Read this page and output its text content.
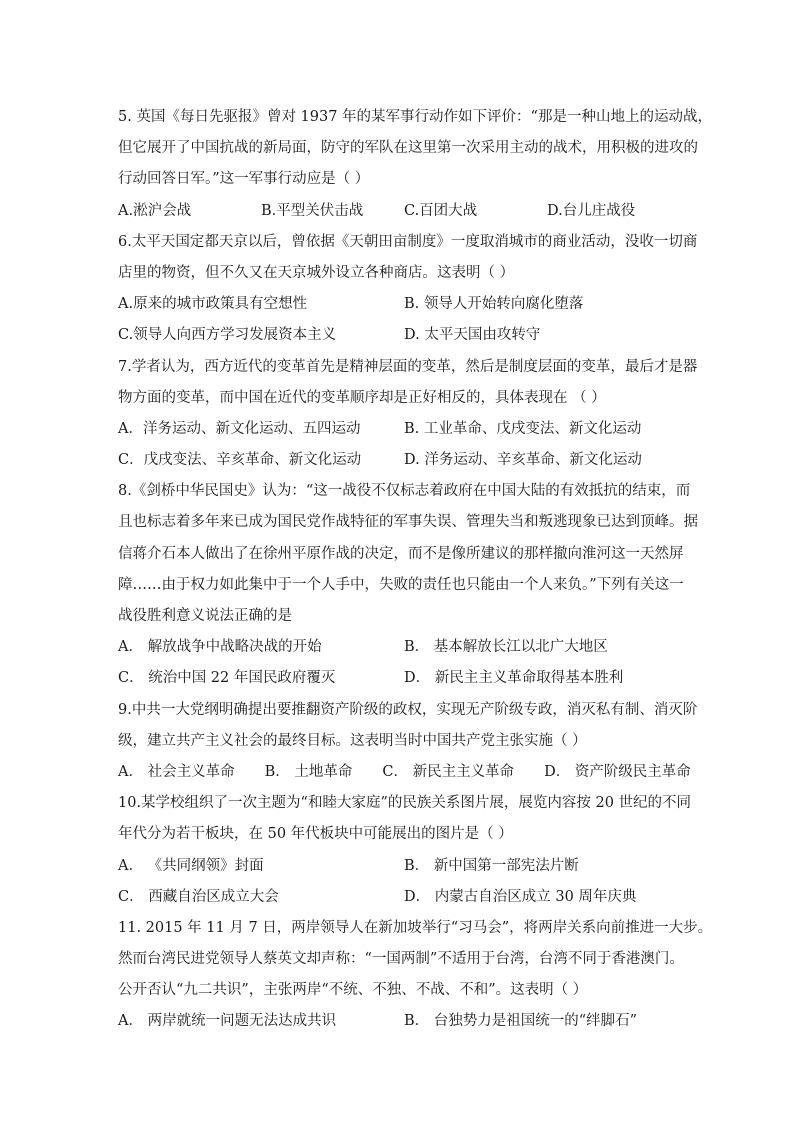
5. 英国《每日先驱报》曾对 1937 年的某军事行动作如下评价：“那是一种山地上的运动战，
但它展开了中国抗战的新局面，防守的军队在这里第一次采用主动的战术，用积极的进攻的
行动回答日军。”这一军事行动应是（ ）
A.淞沪会战	B.平型关伏击战	C.百团大战	D.台儿庄战役
6.太平天国定都天京以后，曾依据《天朝田亩制度》一度取消城市的商业活动，没收一切商
店里的物资，但不久又在天京城外设立各种商店。这表明（ ）
A.原来的城市政策具有空想性	B. 领导人开始转向腐化堕落
C.领导人向西方学习发展资本主义	D. 太平天国由攻转守
7.学者认为，西方近代的变革首先是精神层面的变革，然后是制度层面的变革，最后才是器
物方面的变革，而中国在近代的变革顺序却是正好相反的，具体表现在 （ ）
A．洋务运动、新文化运动、五四运动	B. 工业革命、戊戌变法、新文化运动
C．戊戌变法、辛亥革命、新文化运动	D. 洋务运动、辛亥革命、新文化运动
8.《剑桥中华民国史》认为：“这一战役不仅标志着政府在中国大陆的有效抵抗的结束，而
且也标志着多年来已成为国民党作战特征的军事失误、管理失当和叛逃现象已达到顶峰。据
信蒋介石本人做出了在徐州平原作战的决定，而不是像所建议的那样撤向淮河这一天然屏
障……由于权力如此集中于一个人手中，失败的责任也只能由一个人来负。”下列有关这一
战役胜利意义说法正确的是
A． 解放战争中战略决战的开始	B． 基本解放长江以北广大地区
C． 统治中国 22 年国民政府覆灭	D． 新民主主义革命取得基本胜利
9.中共一大党纲明确提出要推翻资产阶级的政权，实现无产阶级专政，消灭私有制、消灭阶
级，建立共产主义社会的最终目标。这表明当时中国共产党主张实施（ ）
A． 社会主义革命 B． 土地革命 C． 新民主主义革命 D． 资产阶级民主革命
10.某学校组织了一次主题为“和睦大家庭”的民族关系图片展，展览内容按 20 世纪的不同
年代分为若干板块，在 50 年代板块中可能展出的图片是（ ）
A． 《共同纲领》封面	B． 新中国第一部宪法片断
C． 西藏自治区成立大会	D． 内蒙古自治区成立 30 周年庆典
11. 2015 年 11 月 7 日，两岸领导人在新加坡举行“习马会”，将两岸关系向前推进一大步。
然而台湾民进党领导人蔡英文却声称：“一国两制”不适用于台湾，台湾不同于香港澳门。
公开否认“九二共识”，主张两岸“不统、不独、不战、不和”。这表明（ ）
A． 两岸就统一问题无法达成共识	B． 台独势力是祖国统一的“绊脚石”
